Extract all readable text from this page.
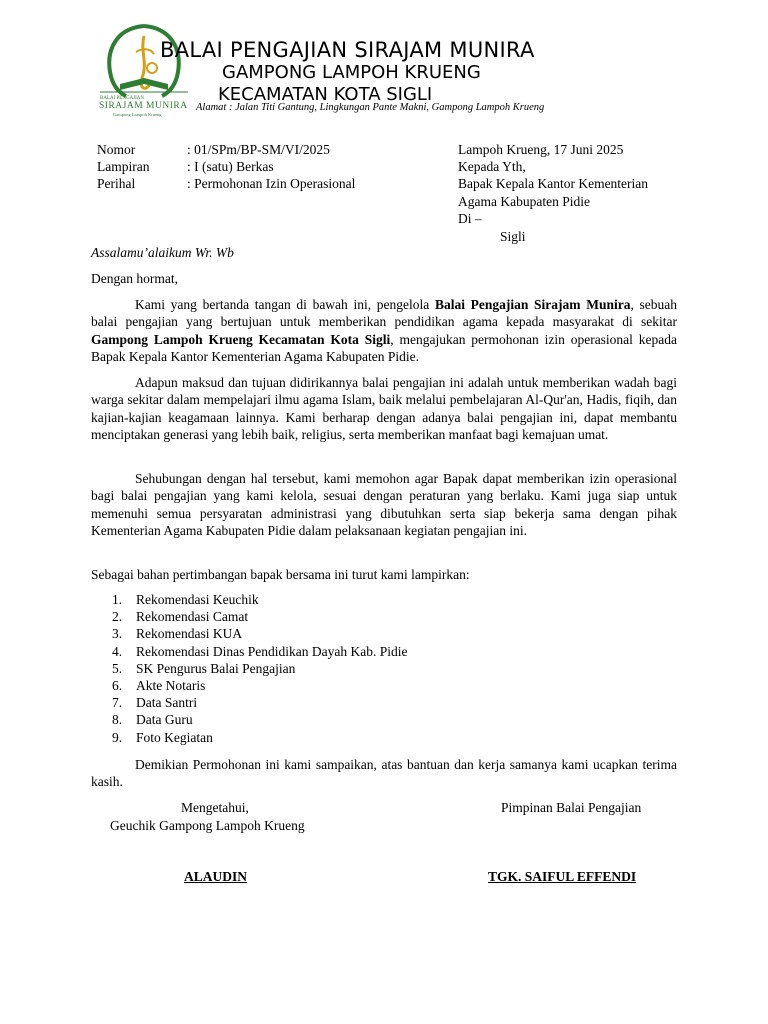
BALAI PENGAJIAN
SIRAJAM MUNIRA
Gampong Lampoh Krueng
BALAI PENGAJIAN SIRAJAM MUNIRA
GAMPONG LAMPOH KRUENG
KECAMATAN KOTA SIGLI
Alamat : Jalan Titi Gantung, Lingkungan Pante Makni, Gampong Lampoh Krueng
Nomor	: 01/SPm/BP-SM/VI/2025
Lampiran	: I (satu) Berkas
Perihal	: Permohonan Izin Operasional
Lampoh Krueng, 17 Juni 2025
Kepada Yth,
Bapak Kepala Kantor Kementerian
Agama Kabupaten Pidie
Di –
Sigli
Assalamu’alaikum Wr. Wb
Dengan hormat,
Kami yang bertanda tangan di bawah ini, pengelola Balai Pengajian Sirajam Munira, sebuah balai pengajian yang bertujuan untuk memberikan pendidikan agama kepada masyarakat di sekitar Gampong Lampoh Krueng Kecamatan Kota Sigli, mengajukan permohonan izin operasional kepada Bapak Kepala Kantor Kementerian Agama Kabupaten Pidie.
Adapun maksud dan tujuan didirikannya balai pengajian ini adalah untuk memberikan wadah bagi warga sekitar dalam mempelajari ilmu agama Islam, baik melalui pembelajaran Al-Qur'an, Hadis, fiqih, dan kajian-kajian keagamaan lainnya. Kami berharap dengan adanya balai pengajian ini, dapat membantu menciptakan generasi yang lebih baik, religius, serta memberikan manfaat bagi kemajuan umat.
Sehubungan dengan hal tersebut, kami memohon agar Bapak dapat memberikan izin operasional bagi balai pengajian yang kami kelola, sesuai dengan peraturan yang berlaku. Kami juga siap untuk memenuhi semua persyaratan administrasi yang dibutuhkan serta siap bekerja sama dengan pihak Kementerian Agama Kabupaten Pidie dalam pelaksanaan kegiatan pengajian ini.
Sebagai bahan pertimbangan bapak bersama ini turut kami lampirkan:
1. Rekomendasi Keuchik
2. Rekomendasi Camat
3. Rekomendasi KUA
4. Rekomendasi Dinas Pendidikan Dayah Kab. Pidie
5. SK Pengurus Balai Pengajian
6. Akte Notaris
7. Data Santri
8. Data Guru
9. Foto Kegiatan
Demikian Permohonan ini kami sampaikan, atas bantuan dan kerja samanya kami ucapkan terima kasih.
Mengetahui,
Geuchik Gampong Lampoh Krueng
ALAUDIN
Pimpinan Balai Pengajian
TGK. SAIFUL EFFENDI
